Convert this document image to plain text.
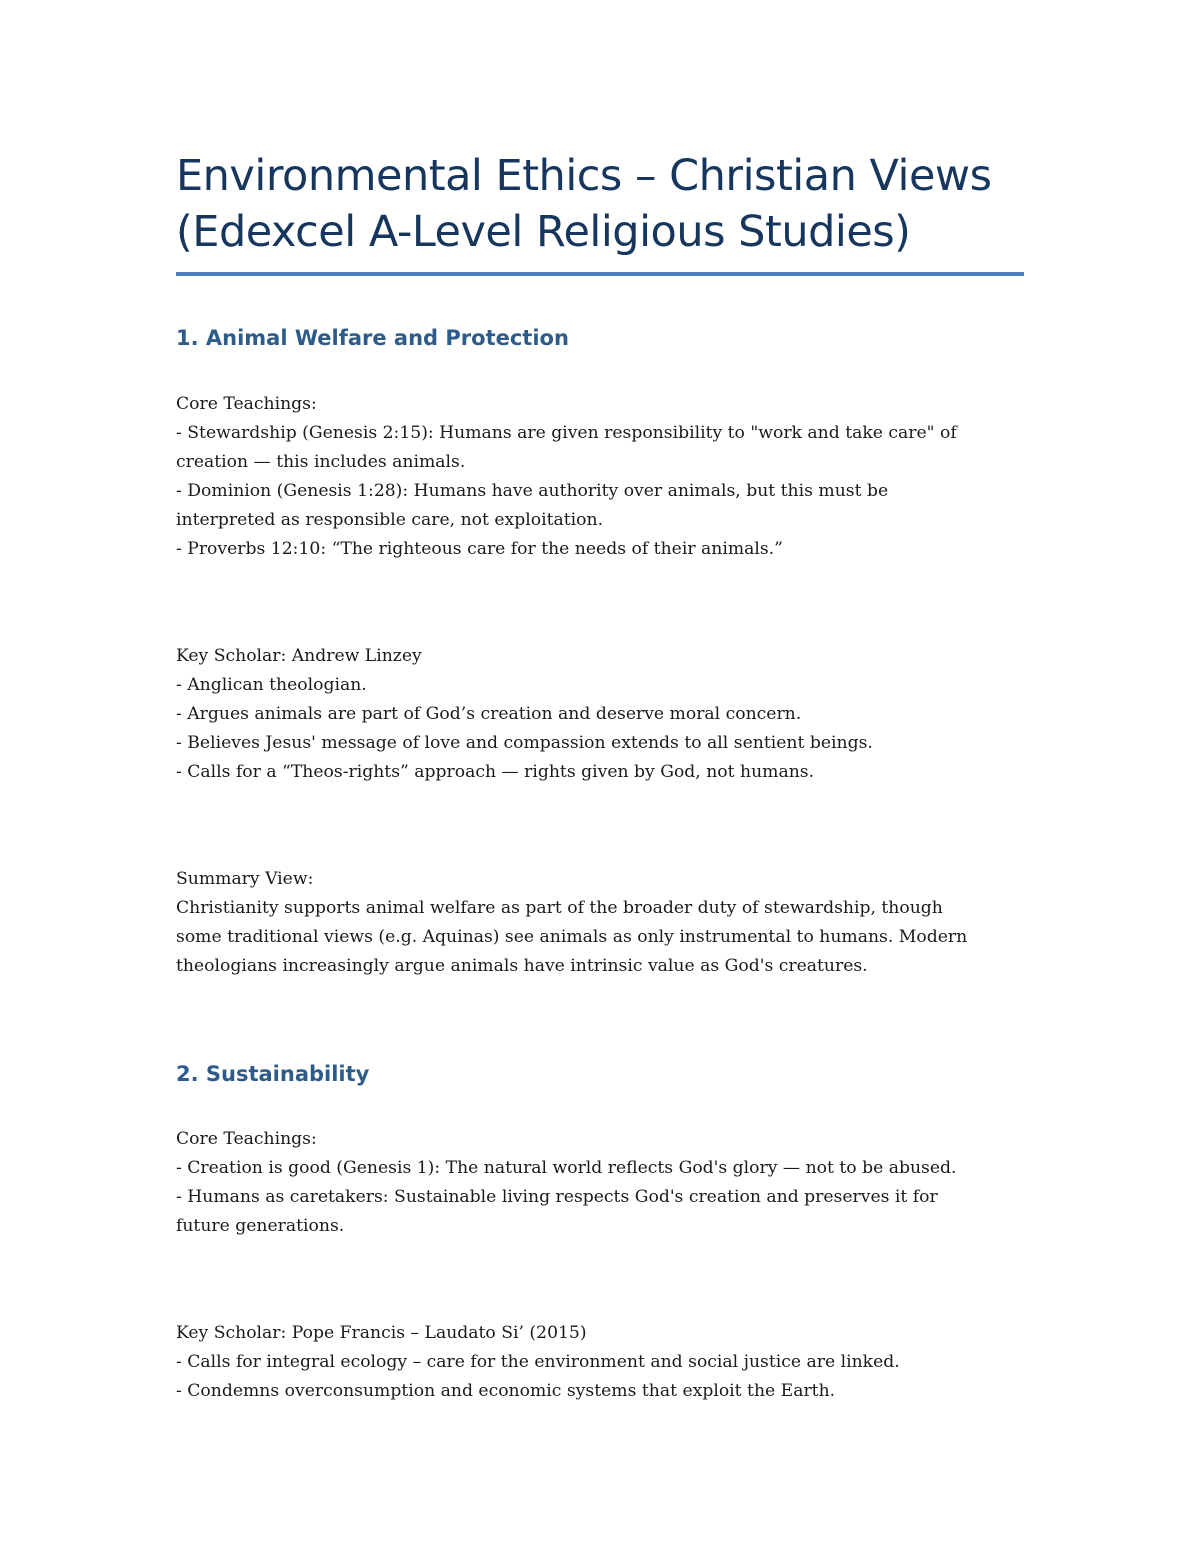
Environmental Ethics – Christian Views
(Edexcel A-Level Religious Studies)
1. Animal Welfare and Protection
Core Teachings:
- Stewardship (Genesis 2:15): Humans are given responsibility to "work and take care" of
creation — this includes animals.
- Dominion (Genesis 1:28): Humans have authority over animals, but this must be
interpreted as responsible care, not exploitation.
- Proverbs 12:10: “The righteous care for the needs of their animals.”
Key Scholar: Andrew Linzey
- Anglican theologian.
- Argues animals are part of God’s creation and deserve moral concern.
- Believes Jesus' message of love and compassion extends to all sentient beings.
- Calls for a “Theos-rights” approach — rights given by God, not humans.
Summary View:
Christianity supports animal welfare as part of the broader duty of stewardship, though
some traditional views (e.g. Aquinas) see animals as only instrumental to humans. Modern
theologians increasingly argue animals have intrinsic value as God's creatures.
2. Sustainability
Core Teachings:
- Creation is good (Genesis 1): The natural world reflects God's glory — not to be abused.
- Humans as caretakers: Sustainable living respects God's creation and preserves it for
future generations.
Key Scholar: Pope Francis – Laudato Si’ (2015)
- Calls for integral ecology – care for the environment and social justice are linked.
- Condemns overconsumption and economic systems that exploit the Earth.
